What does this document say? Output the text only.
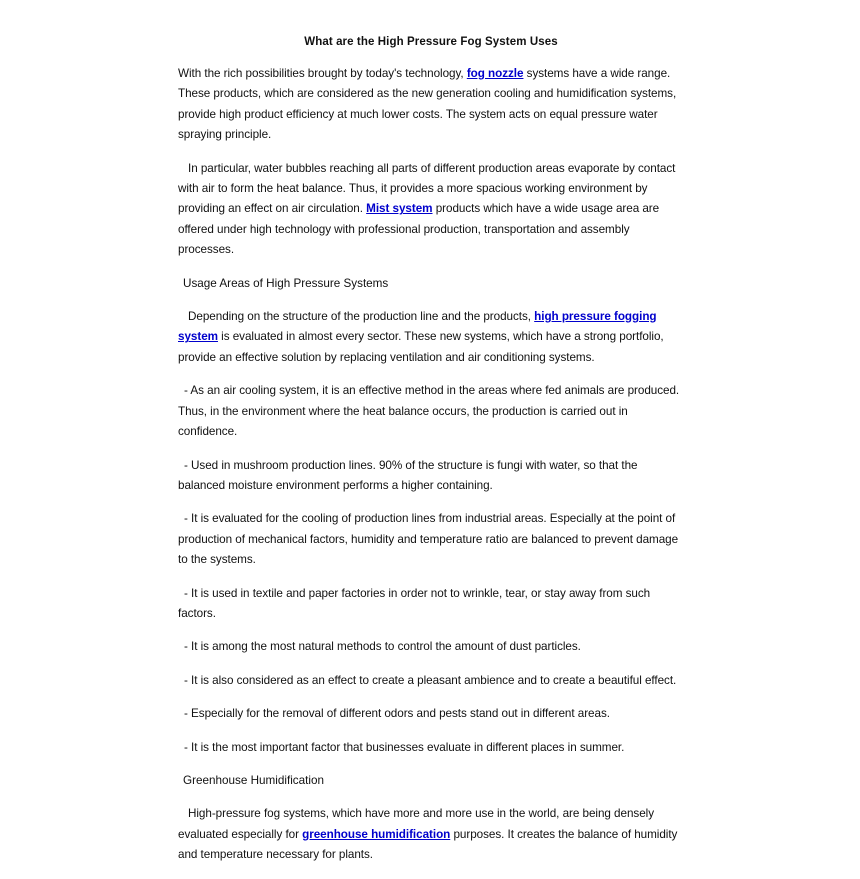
What are the High Pressure Fog System Uses

With the rich possibilities brought by today's technology, fog nozzle systems have a wide range. These products, which are considered as the new generation cooling and humidification systems, provide high product efficiency at much lower costs. The system acts on equal pressure water spraying principle.

In particular, water bubbles reaching all parts of different production areas evaporate by contact with air to form the heat balance. Thus, it provides a more spacious working environment by providing an effect on air circulation. Mist system products which have a wide usage area are offered under high technology with professional production, transportation and assembly processes.

Usage Areas of High Pressure Systems

Depending on the structure of the production line and the products, high pressure fogging system is evaluated in almost every sector. These new systems, which have a strong portfolio, provide an effective solution by replacing ventilation and air conditioning systems.

- As an air cooling system, it is an effective method in the areas where fed animals are produced. Thus, in the environment where the heat balance occurs, the production is carried out in confidence.

- Used in mushroom production lines. 90% of the structure is fungi with water, so that the balanced moisture environment performs a higher containing.

- It is evaluated for the cooling of production lines from industrial areas. Especially at the point of production of mechanical factors, humidity and temperature ratio are balanced to prevent damage to the systems.

- It is used in textile and paper factories in order not to wrinkle, tear, or stay away from such factors.

- It is among the most natural methods to control the amount of dust particles.

- It is also considered as an effect to create a pleasant ambience and to create a beautiful effect.

- Especially for the removal of different odors and pests stand out in different areas.

- It is the most important factor that businesses evaluate in different places in summer.

Greenhouse Humidification

High-pressure fog systems, which have more and more use in the world, are being densely evaluated especially for greenhouse humidification purposes. It creates the balance of humidity and temperature necessary for plants.
